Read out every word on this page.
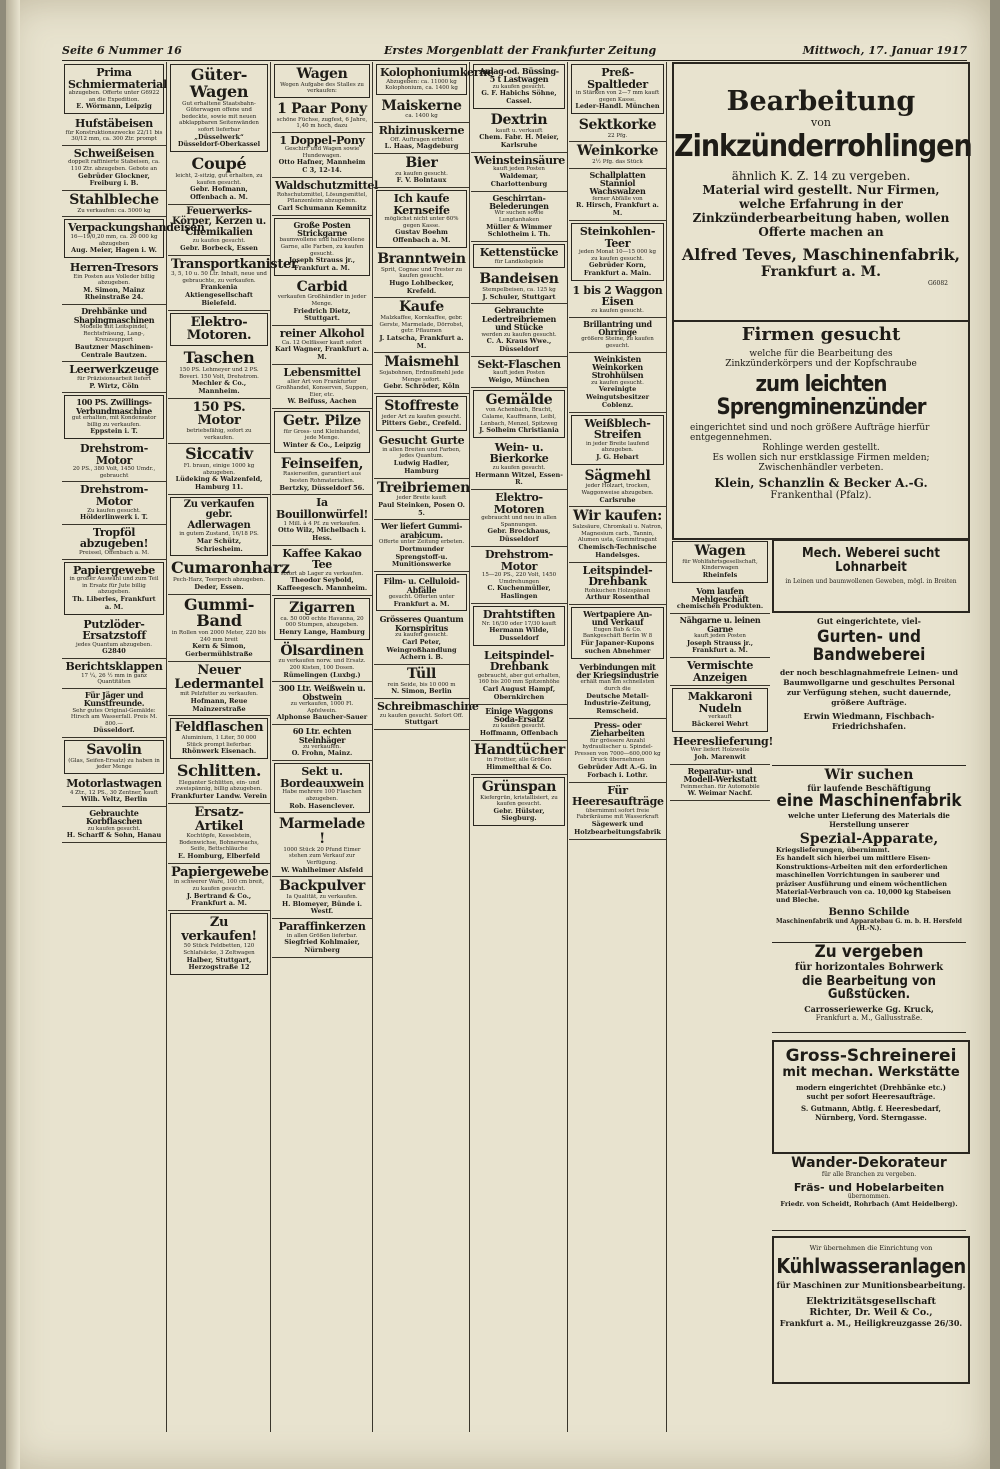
Seite 6 Nummer 16	Erstes Morgenblatt der Frankfurter Zeitung	Mittwoch, 17. Januar 1917
Prima Schmiermaterial
abzugeben. Offerte unter G6922 an die Expedition.
E. Wörmann, Leipzig
Hufstäbeisen
für Konstruktionszwecke 22/11 bis 30/12 mm, ca. 300 Ztr. prompt
Schweißeisen
doppelt raffinierte Stabeisen, ca. 110 Ztr. abzugeben. Gebote an
Gebrüder Glockner, Freiburg i. B.
Stahlbleche
Zu verkaufen: ca. 5000 kg
Verpackungshandeisen
16—19/0,20 mm, ca. 20 000 kg abzugeben
Aug. Meier, Hagen i. W.
Herren-Tresors
Ein Posten aus Volleder billig abzugeben.
M. Simon, Mainz Rheinstraße 24.
Drehbänke und Shapingmaschinen
Modelle mit Leitspindel, Rechtsfräsung, Lang-, Kreuzsupport
Bautzner Maschinen-Centrale Bautzen.
Leerwerkzeuge
für Präzisionsarbeit liefert
P. Wirtz, Cöln
100 PS. Zwillings-Verbundmaschine
gut erhalten, mit Kondensator billig zu verkaufen.
Eppstein i. T.
Drehstrom-Motor
20 PS., 380 Volt, 1450 Umdr., gebraucht
Drehstrom-Motor
Zu kaufen gesucht.
Hölderlinwerk i. T.
Tropföl abzugeben!
Preissel, Offenbach a. M.
Papiergewebe
in großer Auswahl und zum Teil in Ersatz für Jute billig abzugeben.
Th. Liberles, Frankfurt a. M.
Putzlöder-Ersatzstoff
jedes Quantum abzugeben.
G2840
Berichtsklappen
17 ¼, 26 ½ mm in ganz Quantitäten
Für Jäger und Kunstfreunde.
Sehr gutes Original-Gemälde: Hirsch am Wasserfall. Preis M. 800.—
Düsseldorf.
Savolin
(Glas, Seifen-Ersatz) zu haben in jeder Menge
Motorlastwagen
4 Ztr., 12 PS., 30 Zentner, kauft
Wilh. Veltz, Berlin
Gebrauchte Korbflaschen
zu kaufen gesucht.
H. Scharff & Sohn, Hanau
Güter-Wagen
Gut erhaltene Staatsbahn-Güterwagen offene und bedeckte, sowie mit neuen abklappbaren Seitenwänden sofort lieferbar
„Düsselwerk“ Düsseldorf-Oberkassel
Coupé
leicht, 2-sitzig, gut erhalten, zu kaufen gesucht.
Gebr. Hofmann, Offenbach a. M.
Feuerwerks-Körper, Kerzen u. Chemikalien
zu kaufen gesucht.
Gebr. Borbeck, Essen
Transportkanister
3, 5, 10 u. 50 Ltr. Inhalt, neue und gebrauchte, zu verkaufen.
Frankenia Aktiengesellschaft Bielefeld.
Elektro-Motoren.
Taschen
150 PS. Lehmeyer und 2 PS. Boveri. 150 Volt, Drehstrom.
Mechler & Co., Mannheim.
150 PS. Motor
betriebsfähig, sofort zu verkaufen.
Siccativ
Fl. braun, einige 1000 kg abzugeben.
Lüdeking & Walzenfeld, Hamburg 11.
Zu verkaufen gebr. Adlerwagen
in gutem Zustand, 16/18 PS.
Mar Schütz, Schriesheim.
Cumaronharz
Pech-Harz, Teerpech abzugeben.
Deder, Essen.
Gummi-Band
in Rollen von 2000 Meter, 220 bis 240 mm breit
Kern & Simon, Gerbermühlstraße
Neuer Ledermantel
mit Pelzfutter zu verkaufen.
Hofmann, Reue Mainzerstraße
Feldflaschen
Aluminium, 1 Liter, 50 000 Stück prompt lieferbar.
Rhönwerk Eisenach.
Schlitten.
Eleganter Schlitten, ein- und zweispännig, billig abzugeben.
Frankfurter Landw. Verein
Ersatz-Artikel
Kochtöpfe, Kesselstein, Bodenwichse, Bohnerwachs, Seife, Bettschläuche
E. Homburg, Elberfeld
Papiergewebe
in schwerer Ware, 100 cm breit, zu kaufen gesucht.
J. Bertrand & Co., Frankfurt a. M.
Zu verkaufen!
50 Stück Feldbetten, 120 Schlafsäcke, 3 Zeltwagen
Halber, Stuttgart, Herzogstraße 12
Wagen
Wegen Aufgabe des Stalles zu verkaufen:
1 Paar Pony
schöne Füchse, zugfest, 6 Jahre, 1,40 m hoch, dazu
1 Doppel-Pony
Geschirr und Wagen sowie Hundewagen.
Otto Hafner, Mannheim C 3, 12-14.
Waldschutzmittel
Rohschutzmittel, Lösungsmittel, Pflanzenleim abzugeben.
Carl Schumann Kemnitz
Große Posten Strickgarne
baumwollene und halbwollene Garne, alle Farben, zu kaufen gesucht.
Joseph Strauss jr., Frankfurt a. M.
Carbid
verkaufen Großhändler in jeder Menge.
Friedrich Dietz, Stuttgart.
reiner Alkohol
Ca. 12 Oelfässer kauft sofort
Karl Wagner, Frankfurt a. M.
Lebensmittel
aller Art von Frankfurter Großhandel, Konserven, Suppen, Eier, etc.
W. Beifuss, Aachen
Getr. Pilze
für Gross- und Kleinhandel, jede Menge.
Winter & Co., Leipzig
Feinseifen,
Rasierseifen, garantiert aus besten Rohmaterialien.
Bertzky, Düsseldorf 56.
Ia Bouillonwürfel!
1 Mill. à 4 Pf. zu verkaufen.
Otto Wilz, Michelbach i. Hess.
Kaffee Kakao Tee
sofort ab Lager zu verkaufen.
Theodor Seybold, Kaffeegesch. Mannheim.
Zigarren
ca. 50 000 echte Havanna, 20 000 Stumpen, abzugeben.
Henry Lange, Hamburg
Ölsardinen
zu verkaufen norw. und Ersatz. 200 Kisten, 100 Dosen.
Rümelingen (Luxbg.)
300 Ltr. Weißwein u. Obstwein
zu verkaufen, 1000 Fl. Apfelwein.
Alphonse Baucher-Sauer
60 Ltr. echten Steinhäger
zu verkaufen.
O. Frohn, Mainz.
Sekt u. Bordeauxwein
Habe mehrere 100 Flaschen abzugeben.
Rob. Hasenclever.
Marmelade !
1000 Stück 20 Pfund Eimer stehen zum Verkauf zur Verfügung.
W. Wahlheimer Alsfeld
Backpulver
Ia Qualität, zu verkaufen.
H. Blomeyer, Bünde i. Westf.
Paraffinkerzen
in allen Größen lieferbar.
Siegfried Kohlmaier, Nürnberg
Kolophoniumkerne
Abzugeben: ca. 11000 kg Kolophonium, ca. 1400 kg
Maiskerne
ca. 1400 kg
Rhizinuskerne
Off. Auftragen erbittet
L. Haas, Magdeburg
Bier
zu kaufen gesucht.
F. V. Bolntaux
Ich kaufe Kernseife
möglichst nicht unter 60% gegen Kasse.
Gustav Boehm Offenbach a. M.
Branntwein
Sprit, Cognac und Trester zu kaufen gesucht.
Hugo Lohlbecker, Krefeld.
Kaufe
Malzkaffee, Kornkaffee, gebr. Gerste, Marmelade, Dörrobst, getr. Pflaumen
J. Latscha, Frankfurt a. M.
Maismehl
Sojabohnen, Erdnußmehl jede Menge sofort.
Gebr. Schröder, Köln
Stoffreste
jeder Art zu kaufen gesucht.
Pitters Gebr., Crefeld.
Gesucht Gurte
in allen Breiten und Farben, jedes Quantum.
Ludwig Hadler, Hamburg
Treibriemen
jeder Breite kauft
Paul Steinken, Posen O. 5.
Wer liefert Gummi-arabicum.
Offerte unter Zeitung erbeten.
Dortmunder Sprengstoff-u. Munitionswerke
Film- u. Celluloid-Abfälle
gesucht. Offerten unter
Frankfurt a. M.
Grösseres Quantum Kornspiritus
zu kaufen gesucht.
Carl Peter, Weingroßhandlung Achern i. B.
Tüll
rein Seide, bis 10 000 m
N. Simon, Berlin
Schreibmaschine
zu kaufen gesucht. Sofort Off.
Stuttgart
Anlag-od. Büssing-5 t Lastwagen
zu kaufen gesucht.
G. F. Habichs Söhne, Cassel.
Dextrin
kauft u. verkauft
Chem. Fabr. H. Meier, Karlsruhe
Weinsteinsäure
kauft jeden Posten
Waldemar, Charlottenburg
Geschirrtan-Belederungen
Wir suchen sowie Lungtanhaken
Müller & Wimmer Schlotheim i. Th.
Kettenstücke
für Landkolspiele
Bandeisen
Stempelbeisen, ca. 125 kg
J. Schuler, Stuttgart
Gebrauchte Ledertreibriemen und Stücke
werden zu kaufen gesucht.
C. A. Kraus Wwe., Düsseldorf
Sekt-Flaschen
kauft jeden Posten
Weigo, München
Gemälde
von Achenbach, Bracht, Calame, Kauffmann, Leibl, Lenbach, Menzel, Spitzweg
J. Solheim Christiania
Wein- u. Bierkorke
zu kaufen gesucht.
Hermann Witzel, Essen-R.
Elektro-Motoren
gebraucht und neu in allen Spannungen.
Gebr. Brockhaus, Düsseldorf
Drehstrom-Motor
15—20 PS., 220 Volt, 1450 Umdrehungen
C. Kuchenmüller, Haslingen
Drahtstiften
Nr. 16/30 oder 17/30 kauft
Hermann Wilde, Dusseldorf
Leitspindel-Drehbank
gebraucht, aber gut erhalten, 160 bis 200 mm Spitzenhöhe
Carl August Hampf, Obernkirchen
Einige Waggons Soda-Ersatz
zu kaufen gesucht.
Hoffmann, Offenbach
Handtücher
in Frottier, alle Größen
Himmelthal & Co.
Grünspan
Kiefergrün, kristallisiert, zu kaufen gesucht.
Gebr. Hülster, Siegburg.
Preß-Spaltleder
in Stärken von 2—7 mm kauft gegen Kasse.
Leder-Handl. München
Sektkorke
22 Pfg.
Weinkorke
2½ Pfg. das Stück
Schallplatten Stanniol Wachswalzen
ferner Abfälle von
R. Hirsch, Frankfurt a. M.
Steinkohlen-Teer
jeden Monat 10—15 000 kg zu kaufen gesucht.
Gebrüder Korn, Frankfurt a. Main.
1 bis 2 Waggon Eisen
zu kaufen gesucht.
Brillantring und Ohrringe
größere Steine, zu kaufen gesucht.
Weinkisten Weinkorken Strohhülsen
zu kaufen gesucht.
Vereinigte Weingutsbesitzer Coblenz.
Weißblech-Streifen
in jeder Breite laufend abzugeben.
J. G. Hebart
Sägmehl
jeder Holzart, trocken, Waggonweise abzugeben.
Carlsruhe
Wir kaufen:
Salzsäure, Chromkali u. Natron, Magnesium carb., Tannin, Alumen usta, Gummitragant
Chemisch-Technische Handelsges.
Leitspindel-Drehbank
Rohkuchen Holzspänen
Arthur Rosenthal
Wertpapiere An- und Verkauf
Eugen Bab & Co. Bankgeschäft Berlin W 8
Für Japaner-Kupons suchen Abnehmer
Verbindungen mit der Kriegsindustrie
erhält man am schnellsten durch die
Deutsche Metall-Industrie-Zeitung, Remscheid.
Press- oder Zieharbeiten
für grössere Anzahl hydraulischer u. Spindel-Pressen von 7000—600,000 kg Druck übernehmen
Gebrüder Adt A.-G. in Forbach i. Lothr.
Für Heeresaufträge
übernimmt sofort freie Fabrikräume mit Wasserkraft
Sägewerk und Holzbearbeitungsfabrik
Bearbeitung
von
Zinkzünderrohlingen
ähnlich K. Z. 14 zu vergeben.
Material wird gestellt. Nur Firmen,
welche Erfahrung in der Zinkzünderbearbeitung haben, wollen Offerte machen an
Alfred Teves, Maschinenfabrik,
Frankfurt a. M.
G6082
Firmen gesucht
welche für die Bearbeitung des
Zinkzünderkörpers und der Kopfschraube
zum leichten Sprengminenzünder
eingerichtet sind und noch größere Aufträge hierfür entgegennehmen.
Rohlinge werden gestellt.
Es wollen sich nur erstklassige Firmen melden; Zwischenhändler verbeten.
Klein, Schanzlin & Becker A.-G.
Frankenthal (Pfalz).
Mech. Weberei sucht Lohnarbeit
in Leinen und baumwollenen Geweben, mögl. in Breiten
Gut eingerichtete, viel-
Gurten- und Bandweberei
der noch beschlagnahmefreie Leinen- und Baumwollgarne und geschultes Personal zur Verfügung stehen, sucht dauernde, größere Aufträge.
Erwin Wiedmann, Fischbach-Friedrichshafen.
Wir suchen
für laufende Beschäftigung
eine Maschinenfabrik
welche unter Lieferung des Materials die Herstellung unserer
Spezial-Apparate,
Kriegslieferungen, übernimmt.
Es handelt sich hierbei um mittlere Eisen-Konstruktions-Arbeiten mit den erforderlichen maschinellen Vorrichtungen in sauberer und präziser Ausführung und einem wöchentlichen Material-Verbrauch von ca. 10,000 kg Stabeisen und Bleche.
Benno Schilde
Maschinenfabrik und Apparatebau G. m. b. H. Hersfeld (H.-N.).
Zu vergeben
für horizontales Bohrwerk
die Bearbeitung von Gußstücken.
Carrosseriewerke Gg. Kruck,
Frankfurt a. M., Gallusstraße.
Gross-Schreinerei
mit mechan. Werkstätte
modern eingerichtet (Drehbänke etc.)
sucht per sofort Heeresaufträge.
S. Gutmann, Abtlg. f. Heeresbedarf,
Nürnberg, Vord. Sterngasse.
Wander-Dekorateur
für alle Branchen zu vergeben.
Fräs- und Hobelarbeiten
übernommen.
Friedr. von Scheidt, Rohrbach (Amt Heidelberg).
Wir übernehmen die Einrichtung von
Kühlwasseranlagen
für Maschinen zur Munitionsbearbeitung.
Elektrizitätsgesellschaft
Richter, Dr. Weil & Co.,
Frankfurt a. M., Heiligkreuzgasse 26/30.
Wagen
für Wohlfahrtsgesellschaft, Kinderwagen
Rheinfels
Vom laufen Mehlgeschäft
chemischen Produkten.
Nähgarne u. leinen Garne
kauft jeden Posten
Joseph Strauss jr., Frankfurt a. M.
Vermischte Anzeigen
Makkaroni Nudeln
verkauft
Bäckerei Wehrt
Heereslieferung!
Wer liefert Holzwolle
Joh. Marenwit
Reparatur- und Modell-Werkstatt
Feinmechan. für Automobile
W. Weimar Nachf.
